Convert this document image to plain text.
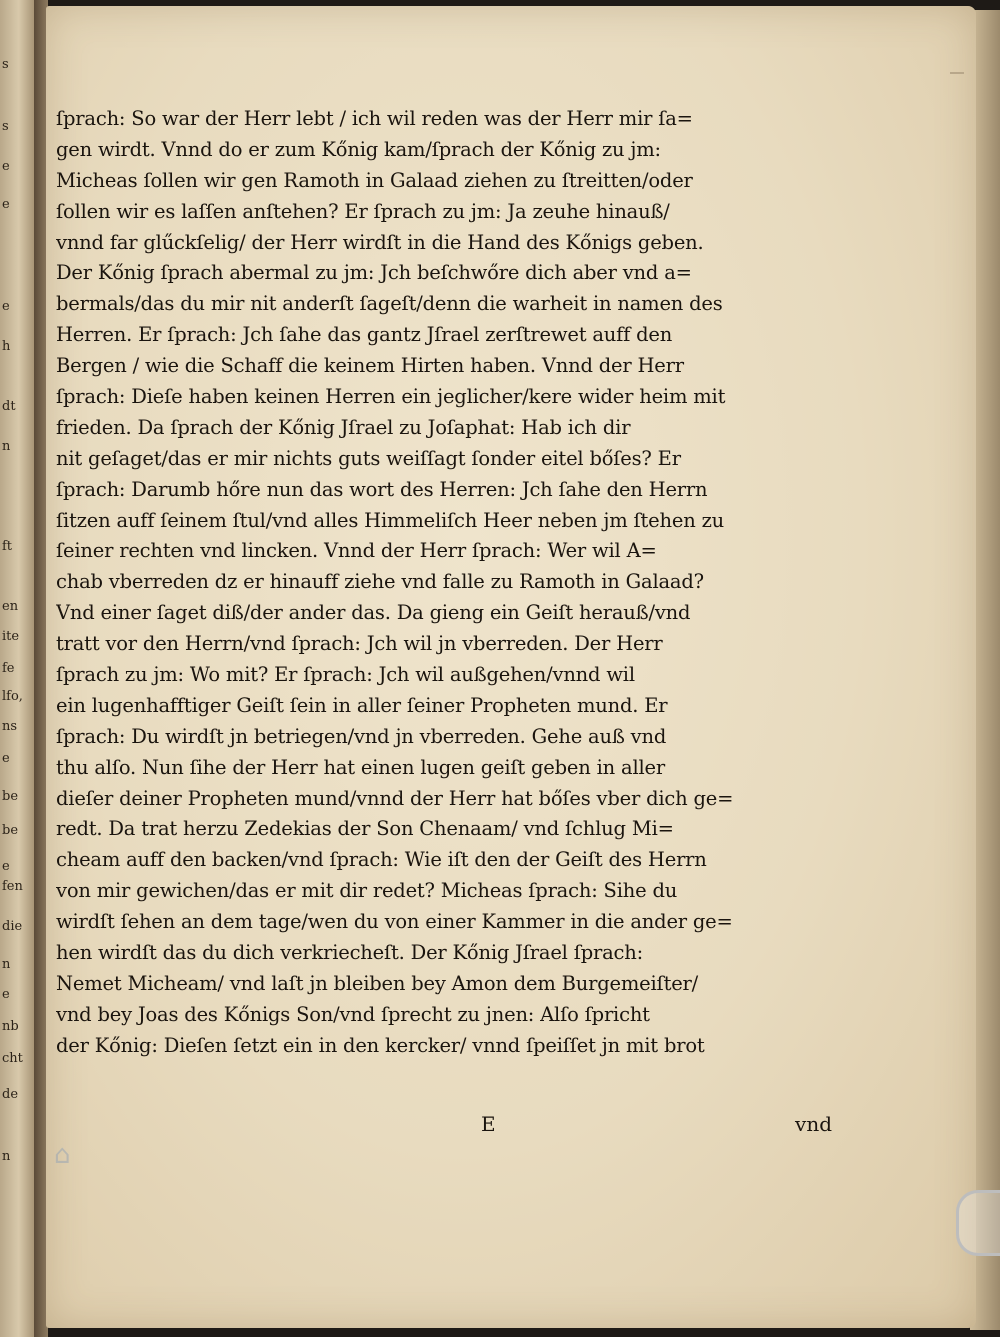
s
s
e
e
e
h
dt
n
ft
en
ite
fe
lfo,
ns
e
be
be
e
fen
die
n
e
nb
cht
de
n
ſprach: So war der Herr lebt / ich wil reden was der Herr mir ſa=
gen wirdt. Vnnd do er zum Kőnig kam/ſprach der Kőnig zu jm:
Micheas ſollen wir gen Ramoth in Galaad ziehen zu ſtreitten/oder
ſollen wir es laſſen anſtehen? Er ſprach zu jm: Ja zeuhe hinauß/
vnnd far glűckſelig/ der Herr wirdſt in die Hand des Kőnigs geben.
Der Kőnig ſprach abermal zu jm: Jch beſchwőre dich aber vnd a=
bermals/das du mir nit anderſt ſageſt/denn die warheit in namen des
Herren. Er ſprach: Jch ſahe das gantz Jſrael zerſtrewet auff den
Bergen / wie die Schaff die keinem Hirten haben. Vnnd der Herr
ſprach: Dieſe haben keinen Herren ein jeglicher/kere wider heim mit
frieden. Da ſprach der Kőnig Jſrael zu Joſaphat: Hab ich dir
nit geſaget/das er mir nichts guts weiſſagt ſonder eitel bőſes? Er
ſprach: Darumb hőre nun das wort des Herren: Jch ſahe den Herrn
ſitzen auff ſeinem ſtul/vnd alles Himmeliſch Heer neben jm ſtehen zu
ſeiner rechten vnd lincken. Vnnd der Herr ſprach: Wer wil A=
chab vberreden dz er hinauff ziehe vnd falle zu Ramoth in Galaad?
Vnd einer ſaget diß/der ander das. Da gieng ein Geiſt herauß/vnd
tratt vor den Herrn/vnd ſprach: Jch wil jn vberreden. Der Herr
ſprach zu jm: Wo mit? Er ſprach: Jch wil außgehen/vnnd wil
ein lugenhafftiger Geiſt ſein in aller ſeiner Propheten mund. Er
ſprach: Du wirdſt jn betriegen/vnd jn vberreden. Gehe auß vnd
thu alſo. Nun ſihe der Herr hat einen lugen geiſt geben in aller
dieſer deiner Propheten mund/vnnd der Herr hat bőſes vber dich ge=
redt. Da trat herzu Zedekias der Son Chenaam/ vnd ſchlug Mi=
cheam auff den backen/vnd ſprach: Wie iſt den der Geiſt des Herrn
von mir gewichen/das er mit dir redet? Micheas ſprach: Sihe du
wirdſt ſehen an dem tage/wen du von einer Kammer in die ander ge=
hen wirdſt das du dich verkriecheſt. Der Kőnig Jſrael ſprach:
Nemet Micheam/ vnd laſt jn bleiben bey Amon dem Burgemeiſter/
vnd bey Joas des Kőnigs Son/vnd ſprecht zu jnen: Alſo ſpricht
der Kőnig: Dieſen ſetzt ein in den kercker/ vnnd ſpeiſſet jn mit brot
E	vnd
⌂
